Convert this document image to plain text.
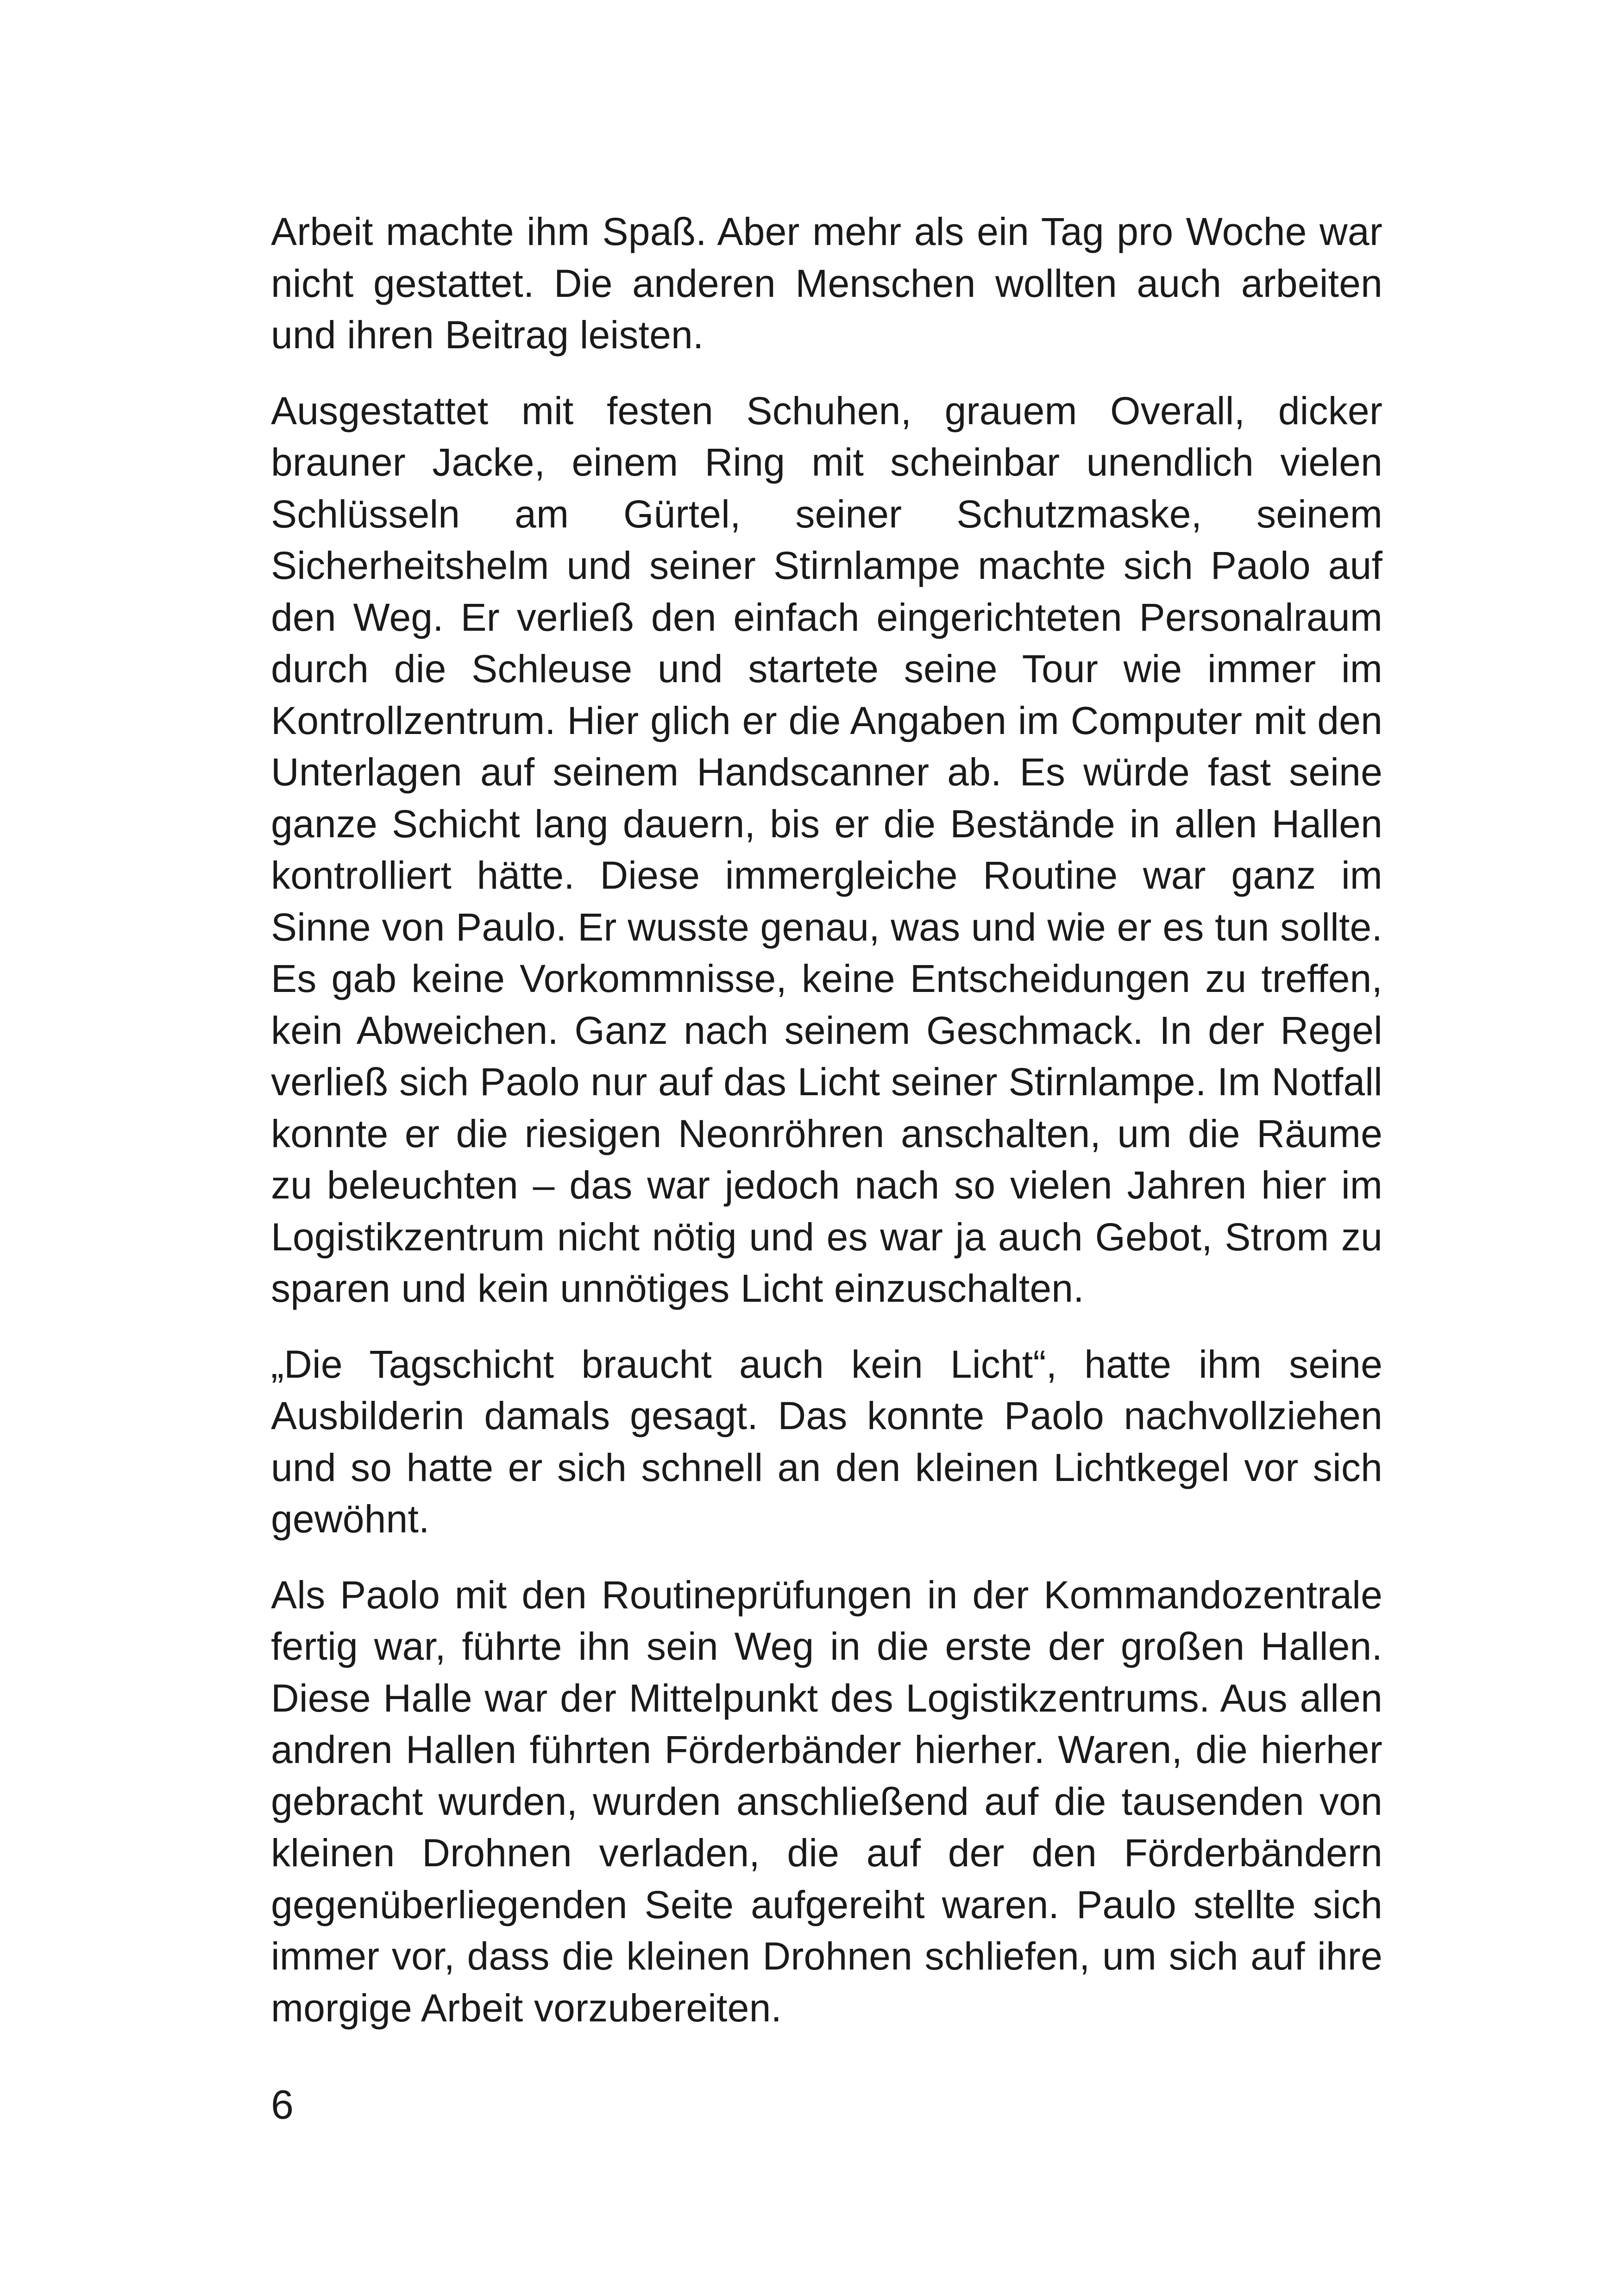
Arbeit machte ihm Spaß. Aber mehr als ein Tag pro Woche war nicht gestattet. Die anderen Menschen wollten auch arbeiten und ihren Beitrag leisten.

Ausgestattet mit festen Schuhen, grauem Overall, dicker brauner Jacke, einem Ring mit scheinbar unendlich vielen Schlüsseln am Gürtel, seiner Schutzmaske, seinem Sicherheitshelm und seiner Stirnlampe machte sich Paolo auf den Weg. Er verließ den einfach eingerichteten Personalraum durch die Schleuse und startete seine Tour wie immer im Kontrollzentrum. Hier glich er die Angaben im Computer mit den Unterlagen auf seinem Handscanner ab. Es würde fast seine ganze Schicht lang dauern, bis er die Bestände in allen Hallen kontrolliert hätte. Diese immergleiche Routine war ganz im Sinne von Paulo. Er wusste genau, was und wie er es tun sollte. Es gab keine Vorkommnisse, keine Entscheidungen zu treffen, kein Abweichen. Ganz nach seinem Geschmack. In der Regel verließ sich Paolo nur auf das Licht seiner Stirnlampe. Im Notfall konnte er die riesigen Neonröhren anschalten, um die Räume zu beleuchten – das war jedoch nach so vielen Jahren hier im Logistikzentrum nicht nötig und es war ja auch Gebot, Strom zu sparen und kein unnötiges Licht einzuschalten.

„Die Tagschicht braucht auch kein Licht“, hatte ihm seine Ausbilderin damals gesagt. Das konnte Paolo nachvollziehen und so hatte er sich schnell an den kleinen Lichtkegel vor sich gewöhnt.

Als Paolo mit den Routineprüfungen in der Kommandozentrale fertig war, führte ihn sein Weg in die erste der großen Hallen. Diese Halle war der Mittelpunkt des Logistikzentrums. Aus allen andren Hallen führten Förderbänder hierher. Waren, die hierher gebracht wurden, wurden anschließend auf die tausenden von kleinen Drohnen verladen, die auf der den Förderbändern gegenüberliegenden Seite aufgereiht waren. Paulo stellte sich immer vor, dass die kleinen Drohnen schliefen, um sich auf ihre morgige Arbeit vorzubereiten.

6
